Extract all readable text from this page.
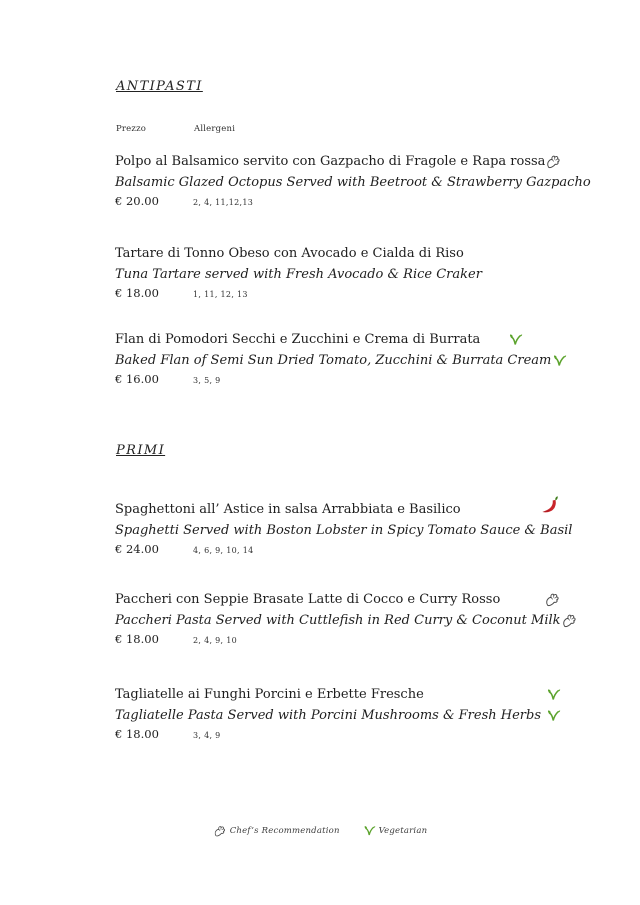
ANTIPASTI
Prezzo	Allergeni
Polpo al Balsamico servito con Gazpacho di Fragole e Rapa rossa
Balsamic Glazed Octopus Served with Beetroot & Strawberry Gazpacho
€ 20.00	2, 4, 11,12,13
Tartare di Tonno Obeso con Avocado e Cialda di Riso
Tuna Tartare served with Fresh Avocado & Rice Craker
€ 18.00	1, 11, 12, 13
Flan di Pomodori Secchi e Zucchini e Crema di Burrata
Baked Flan of Semi Sun Dried Tomato, Zucchini & Burrata Cream
€ 16.00	3, 5, 9
PRIMI
Spaghettoni all’ Astice in salsa Arrabbiata e Basilico
Spaghetti Served with Boston Lobster in Spicy Tomato Sauce & Basil
€ 24.00	4, 6, 9, 10, 14
Paccheri con Seppie Brasate Latte di Cocco e Curry Rosso
Paccheri Pasta Served with Cuttlefish in Red Curry & Coconut Milk
€ 18.00	2, 4, 9, 10
Tagliatelle ai Funghi Porcini e Erbette Fresche
Tagliatelle Pasta Served with Porcini Mushrooms & Fresh Herbs
€ 18.00	3, 4, 9
Chef’s Recommendation	Vegetarian
